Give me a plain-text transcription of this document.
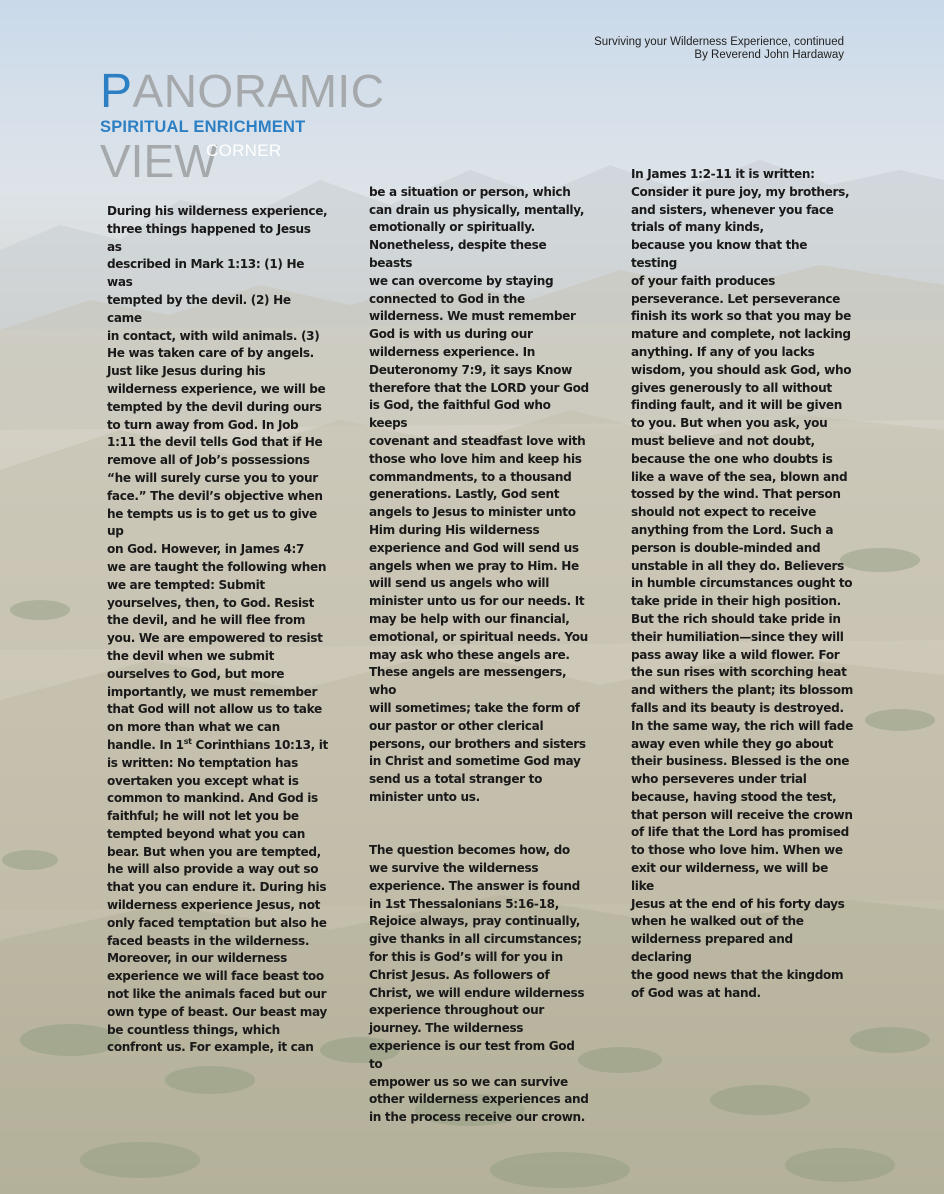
Surviving your Wilderness Experience, continued
By Reverend John Hardaway
PANORAMIC
SPIRITUAL ENRICHMENT
VIEW
CORNER
During his wilderness experience,
three things happened to Jesus as
described in Mark 1:13: (1) He was
tempted by the devil. (2) He came
in contact, with wild animals. (3)
He was taken care of by angels.
Just like Jesus during his
wilderness experience, we will be
tempted by the devil during ours
to turn away from God. In Job
1:11 the devil tells God that if He
remove all of Job’s possessions
“he will surely curse you to your
face.” The devil’s objective when
he tempts us is to get us to give up
on God. However, in James 4:7
we are taught the following when
we are tempted: Submit
yourselves, then, to God. Resist
the devil, and he will flee from
you. We are empowered to resist
the devil when we submit
ourselves to God, but more
importantly, we must remember
that God will not allow us to take
on more than what we can
handle. In 1st Corinthians 10:13, it
is written: No temptation has
overtaken you except what is
common to mankind. And God is
faithful; he will not let you be
tempted beyond what you can
bear. But when you are tempted,
he will also provide a way out so
that you can endure it. During his
wilderness experience Jesus, not
only faced temptation but also he
faced beasts in the wilderness.
Moreover, in our wilderness
experience we will face beast too
not like the animals faced but our
own type of beast. Our beast may
be countless things, which
confront us. For example, it can

be a situation or person, which
can drain us physically, mentally,
emotionally or spiritually.
Nonetheless, despite these beasts
we can overcome by staying
connected to God in the
wilderness. We must remember
God is with us during our
wilderness experience. In
Deuteronomy 7:9, it says Know
therefore that the LORD your God
is God, the faithful God who keeps
covenant and steadfast love with
those who love him and keep his
commandments, to a thousand
generations. Lastly, God sent
angels to Jesus to minister unto
Him during His wilderness
experience and God will send us
angels when we pray to Him. He
will send us angels who will
minister unto us for our needs. It
may be help with our financial,
emotional, or spiritual needs. You
may ask who these angels are.
These angels are messengers, who
will sometimes; take the form of
our pastor or other clerical
persons, our brothers and sisters
in Christ and sometime God may
send us a total stranger to
minister unto us.

The question becomes how, do
we survive the wilderness
experience. The answer is found
in 1st Thessalonians 5:16-18,
Rejoice always, pray continually,
give thanks in all circumstances;
for this is God’s will for you in
Christ Jesus. As followers of
Christ, we will endure wilderness
experience throughout our
journey. The wilderness
experience is our test from God to
empower us so we can survive
other wilderness experiences and
in the process receive our crown.

In James 1:2-11 it is written:
Consider it pure joy, my brothers,
and sisters, whenever you face
trials of many kinds,
because you know that the testing
of your faith produces
perseverance. Let perseverance
finish its work so that you may be
mature and complete, not lacking
anything. If any of you lacks
wisdom, you should ask God, who
gives generously to all without
finding fault, and it will be given
to you. But when you ask, you
must believe and not doubt,
because the one who doubts is
like a wave of the sea, blown and
tossed by the wind. That person
should not expect to receive
anything from the Lord. Such a
person is double-minded and
unstable in all they do. Believers
in humble circumstances ought to
take pride in their high position.
But the rich should take pride in
their humiliation—since they will
pass away like a wild flower. For
the sun rises with scorching heat
and withers the plant; its blossom
falls and its beauty is destroyed.
In the same way, the rich will fade
away even while they go about
their business. Blessed is the one
who perseveres under trial
because, having stood the test,
that person will receive the crown
of life that the Lord has promised
to those who love him. When we
exit our wilderness, we will be like
Jesus at the end of his forty days
when he walked out of the
wilderness prepared and declaring
the good news that the kingdom
of God was at hand.
